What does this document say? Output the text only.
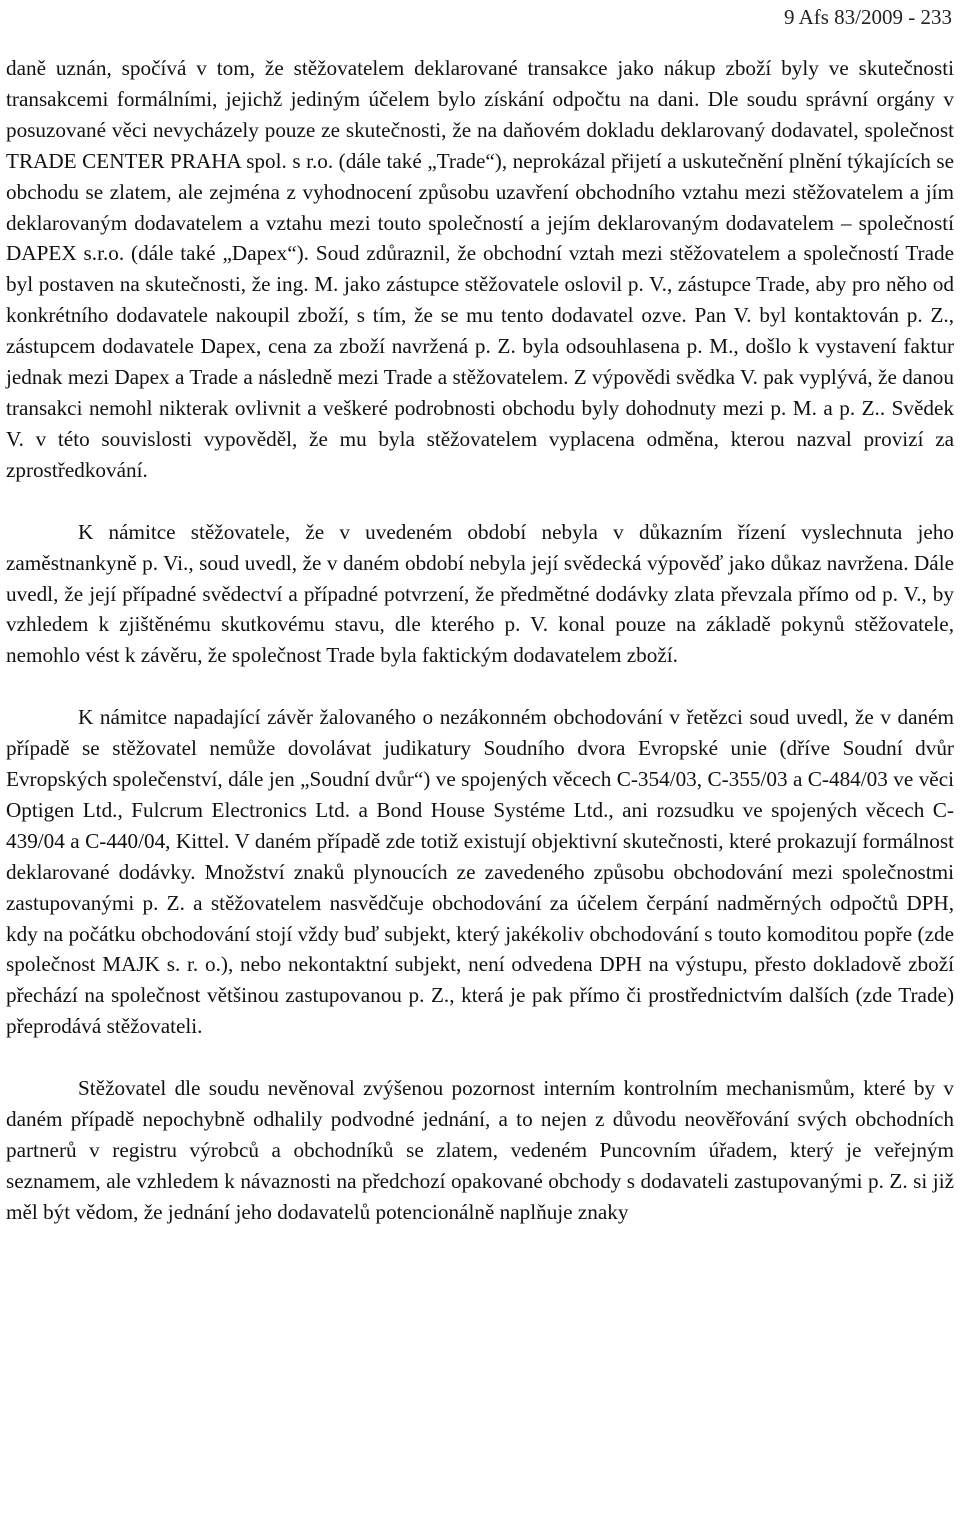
9 Afs 83/2009 - 233

daně uznán, spočívá v tom, že stěžovatelem deklarované transakce jako nákup zboží byly ve skutečnosti transakcemi formálními, jejichž jediným účelem bylo získání odpočtu na dani. Dle soudu správní orgány v posuzované věci nevycházely pouze ze skutečnosti, že na daňovém dokladu deklarovaný dodavatel, společnost TRADE CENTER PRAHA spol. s r.o. (dále také „Trade“), neprokázal přijetí a uskutečnění plnění týkajících se obchodu se zlatem, ale zejména z vyhodnocení způsobu uzavření obchodního vztahu mezi stěžovatelem a jím deklarovaným dodavatelem a vztahu mezi touto společností a jejím deklarovaným dodavatelem – společností DAPEX s.r.o. (dále také „Dapex“). Soud zdůraznil, že obchodní vztah mezi stěžovatelem a společností Trade byl postaven na skutečnosti, že ing. M. jako zástupce stěžovatele oslovil p. V., zástupce Trade, aby pro něho od konkrétního dodavatele nakoupil zboží, s tím, že se mu tento dodavatel ozve. Pan V. byl kontaktován p. Z., zástupcem dodavatele Dapex, cena za zboží navržená p. Z. byla odsouhlasena p. M., došlo k vystavení faktur jednak mezi Dapex a Trade a následně mezi Trade a stěžovatelem. Z výpovědi svědka V. pak vyplývá, že danou transakci nemohl nikterak ovlivnit a veškeré podrobnosti obchodu byly dohodnuty mezi p. M. a p. Z.. Svědek V. v této souvislosti vypověděl, že mu byla stěžovatelem vyplacena odměna, kterou nazval provizí za zprostředkování.

K námitce stěžovatele, že v uvedeném období nebyla v důkazním řízení vyslechnuta jeho zaměstnankyně p. Vi., soud uvedl, že v daném období nebyla její svědecká výpověď jako důkaz navržena. Dále uvedl, že její případné svědectví a případné potvrzení, že předmětné dodávky zlata převzala přímo od p. V., by vzhledem k zjištěnému skutkovému stavu, dle kterého p. V. konal pouze na základě pokynů stěžovatele, nemohlo vést k závěru, že společnost Trade byla faktickým dodavatelem zboží.

K námitce napadající závěr žalovaného o nezákonném obchodování v řetězci soud uvedl, že v daném případě se stěžovatel nemůže dovolávat judikatury Soudního dvora Evropské unie (dříve Soudní dvůr Evropských společenství, dále jen „Soudní dvůr“) ve spojených věcech C-354/03, C-355/03 a C-484/03 ve věci Optigen Ltd., Fulcrum Electronics Ltd. a Bond House Systéme Ltd., ani rozsudku ve spojených věcech C-439/04 a C-440/04, Kittel. V daném případě zde totiž existují objektivní skutečnosti, které prokazují formálnost deklarované dodávky. Množství znaků plynoucích ze zavedeného způsobu obchodování mezi společnostmi zastupovanými p. Z. a stěžovatelem nasvědčuje obchodování za účelem čerpání nadměrných odpočtů DPH, kdy na počátku obchodování stojí vždy buď subjekt, který jakékoliv obchodování s touto komoditou popře (zde společnost MAJK s. r. o.), nebo nekontaktní subjekt, není odvedena DPH na výstupu, přesto dokladově zboží přechází na společnost většinou zastupovanou p. Z., která je pak přímo či prostřednictvím dalších (zde Trade) přeprodává stěžovateli.

Stěžovatel dle soudu nevěnoval zvýšenou pozornost interním kontrolním mechanismům, které by v daném případě nepochybně odhalily podvodné jednání, a to nejen z důvodu neověřování svých obchodních partnerů v registru výrobců a obchodníků se zlatem, vedeném Puncovním úřadem, který je veřejným seznamem, ale vzhledem k návaznosti na předchozí opakované obchody s dodavateli zastupovanými p. Z. si již měl být vědom, že jednání jeho dodavatelů potencionálně naplňuje znaky
